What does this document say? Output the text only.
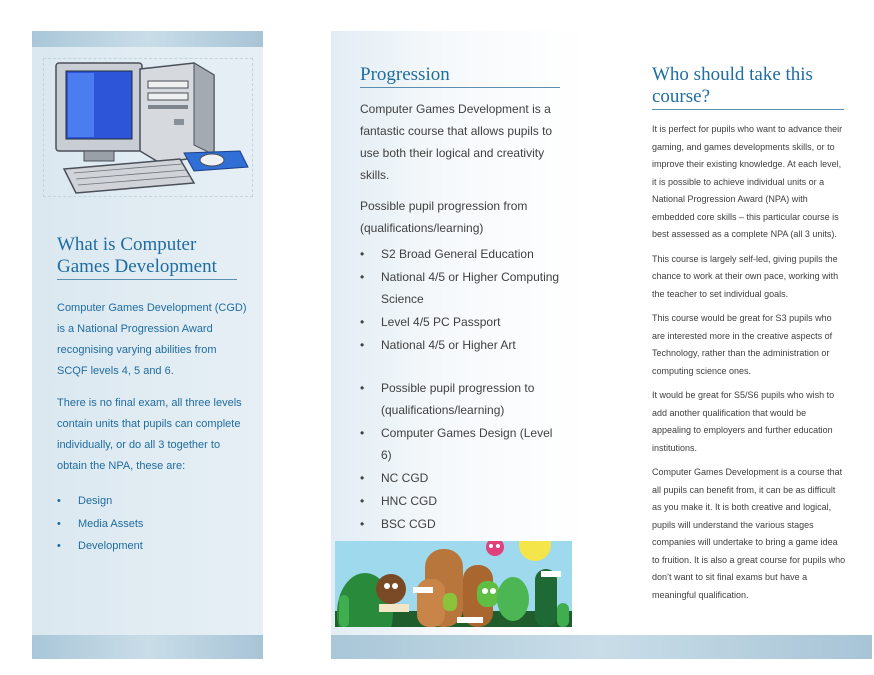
What is Computer Games Development

Computer Games Development (CGD) is a National Progression Award recognising varying abilities from SCQF levels 4, 5 and 6.

There is no final exam, all three levels contain units that pupils can complete individually, or do all 3 together to obtain the NPA, these are:

• Design
• Media Assets
• Development
Progression

Computer Games Development is a fantastic course that allows pupils to use both their logical and creativity skills.

Possible pupil progression from (qualifications/learning)

• S2 Broad General Education
• National 4/5 or Higher Computing Science
• Level 4/5 PC Passport
• National 4/5 or Higher Art
• Possible pupil progression to (qualifications/learning)
• Computer Games Design (Level 6)
• NC CGD
• HNC CGD
• BSC CGD
Who should take this course?

It is perfect for pupils who want to advance their gaming, and games developments skills, or to improve their existing knowledge. At each level, it is possible to achieve individual units or a National Progression Award (NPA) with embedded core skills – this particular course is best assessed as a complete NPA (all 3 units).

This course is largely self-led, giving pupils the chance to work at their own pace, working with the teacher to set individual goals.

This course would be great for S3 pupils who are interested more in the creative aspects of Technology, rather than the administration or computing science ones.

It would be great for S5/S6 pupils who wish to add another qualification that would be appealing to employers and further education institutions.

Computer Games Development is a course that all pupils can benefit from, it can be as difficult as you make it. It is both creative and logical, pupils will understand the various stages companies will undertake to bring a game idea to fruition. It is also a great course for pupils who don’t want to sit final exams but have a meaningful qualification.
